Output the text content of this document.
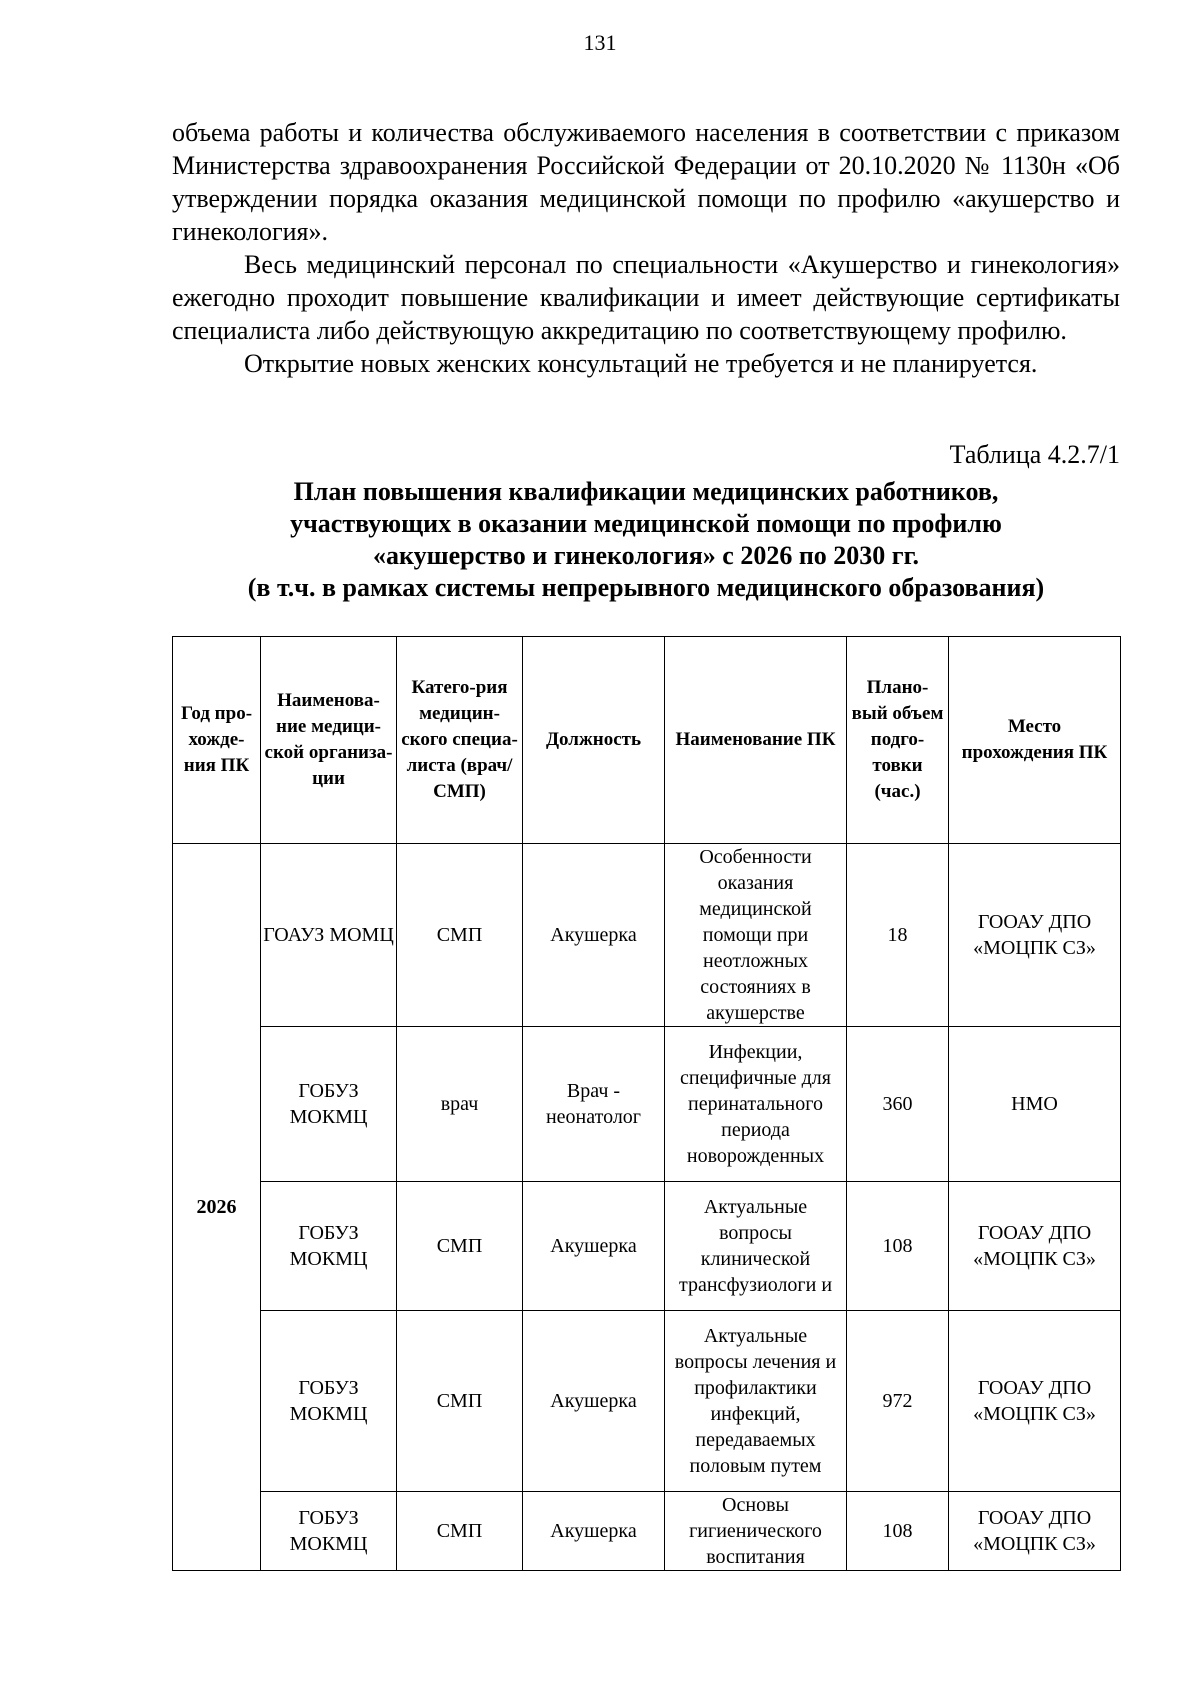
131

объема работы и количества обслуживаемого населения в соответствии с приказом Министерства здравоохранения Российской Федерации от 20.10.2020 № 1130н «Об утверждении порядка оказания медицинской помощи по профилю «акушерство и гинекология».

Весь медицинский персонал по специальности «Акушерство и гинекология» ежегодно проходит повышение квалификации и имеет действующие сертификаты специалиста либо действующую аккредитацию по соответствующему профилю.

Открытие новых женских консультаций не требуется и не планируется.

Таблица 4.2.7/1
План повышения квалификации медицинских работников,
участвующих в оказании медицинской помощи по профилю
«акушерство и гинекология» с 2026 по 2030 гг.
(в т.ч. в рамках системы непрерывного медицинского образования)
Год про-хожде-ния ПК	Наименова-ние медици-ской организа-ции	Катего-рия медицин-ского специа-листа (врач/ СМП)	Должность	Наименование ПК	Плано-вый объем подго-товки (час.)	Место прохождения ПК
2026	ГОАУЗ МОМЦ	СМП	Акушерка	Особенности оказания медицинской помощи при неотложных состояниях в акушерстве	18	ГООАУ ДПО «МОЦПК СЗ»
	ГОБУЗ МОКМЦ	врач	Врач - неонатолог	Инфекции, специфичные для перинатального периода новорожденных	360	НМО
	ГОБУЗ МОКМЦ	СМП	Акушерка	Актуальные вопросы клинической трансфузиологи и	108	ГООАУ ДПО «МОЦПК СЗ»
	ГОБУЗ МОКМЦ	СМП	Акушерка	Актуальные вопросы лечения и профилактики инфекций, передаваемых половым путем	972	ГООАУ ДПО «МОЦПК СЗ»
	ГОБУЗ МОКМЦ	СМП	Акушерка	Основы гигиенического воспитания	108	ГООАУ ДПО «МОЦПК СЗ»
